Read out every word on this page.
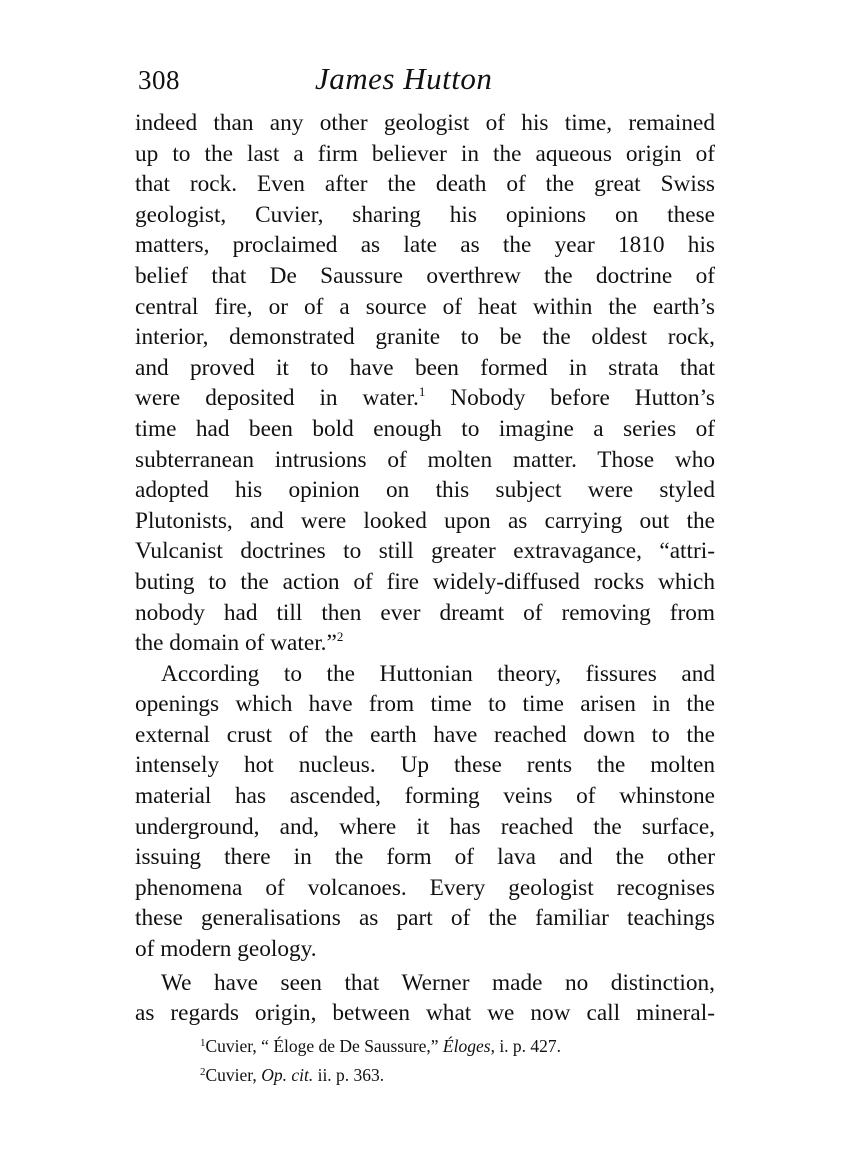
308	James Hutton
indeed than any other geologist of his time, remained
up to the last a firm believer in the aqueous origin of
that rock. Even after the death of the great Swiss
geologist, Cuvier, sharing his opinions on these
matters, proclaimed as late as the year 1810 his
belief that De Saussure overthrew the doctrine of
central fire, or of a source of heat within the earth’s
interior, demonstrated granite to be the oldest rock,
and proved it to have been formed in strata that
were deposited in water.$^1$ Nobody before Hutton’s
time had been bold enough to imagine a series of
subterranean intrusions of molten matter. Those who
adopted his opinion on this subject were styled
Plutonists, and were looked upon as carrying out the
Vulcanist doctrines to still greater extravagance, “attri-
buting to the action of fire widely-diffused rocks which
nobody had till then ever dreamt of removing from
the domain of water.”$^2$
According to the Huttonian theory, fissures and
openings which have from time to time arisen in the
external crust of the earth have reached down to the
intensely hot nucleus. Up these rents the molten
material has ascended, forming veins of whinstone
underground, and, where it has reached the surface,
issuing there in the form of lava and the other
phenomena of volcanoes. Every geologist recognises
these generalisations as part of the familiar teachings
of modern geology.
We have seen that Werner made no distinction,
as regards origin, between what we now call mineral-
$^1$Cuvier, “ Éloge de De Saussure,” Éloges, i. p. 427.
$^2$Cuvier, Op. cit. ii. p. 363.
